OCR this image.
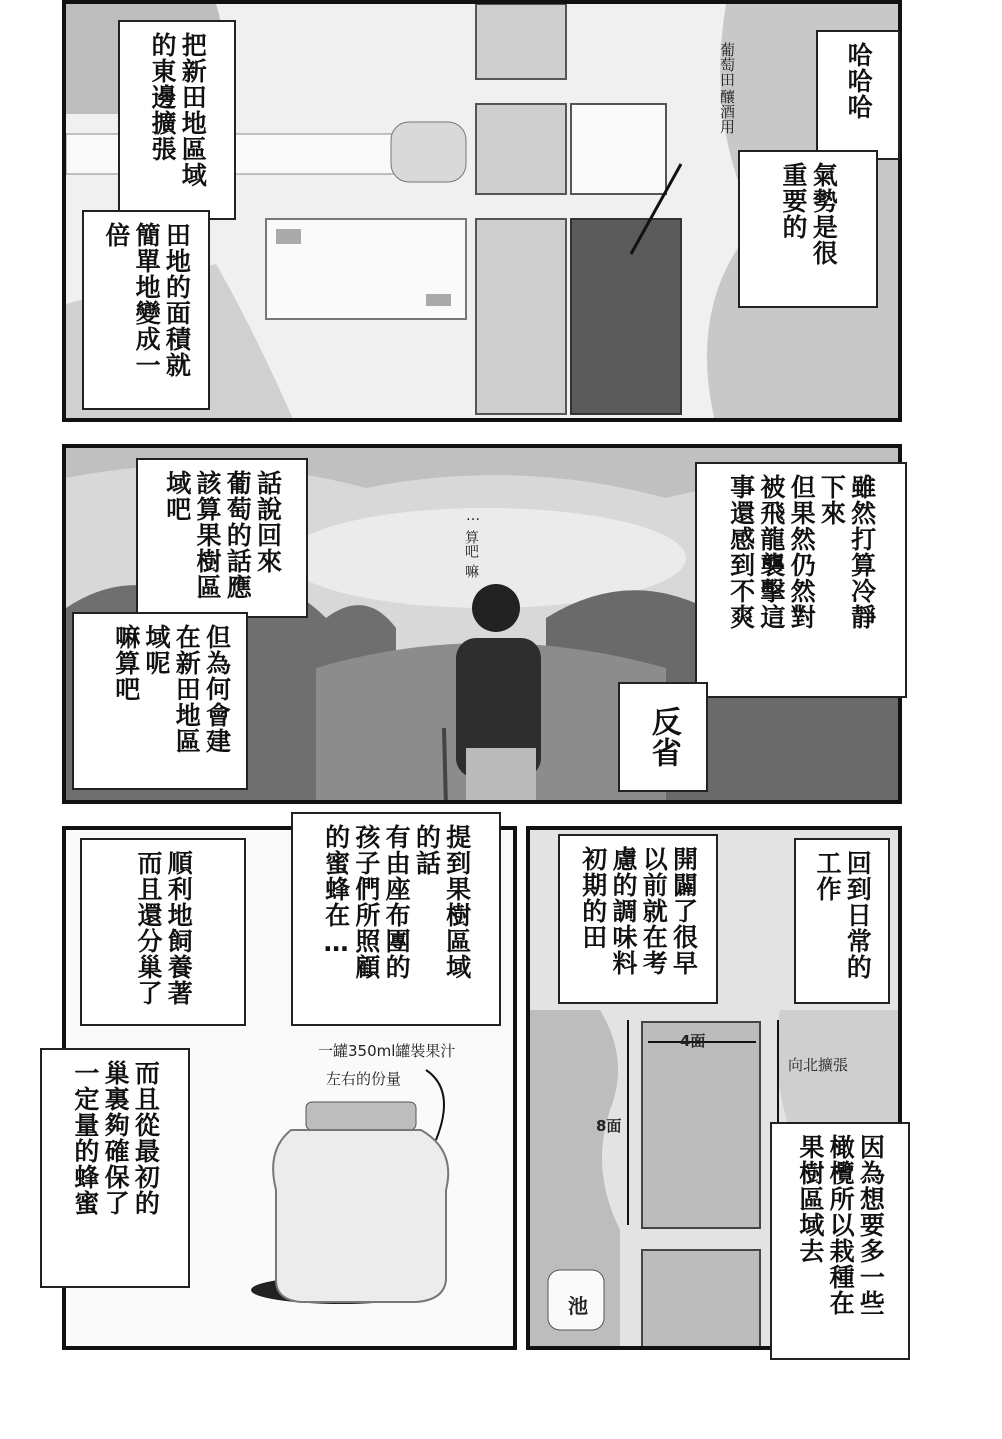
釀酒用
葡萄田
把新田地區域
的東邊擴張
田地的面積就
簡單地變成一
倍
哈哈哈
氣勢是很
重要的
嘛
算吧
…
話說回來
葡萄的話應
該算果樹區
域吧
但為何會建
在新田地區
域呢
嘛算吧
雖然打算冷靜
下來
但果然仍然對
被飛龍襲擊這
事還感到不爽
反省
一罐350ml罐裝果汁
左右的份量
順利地飼養著
而且還分巢了	提到果樹區域
的話
有由座布團的
孩子們所照顧
的蜜蜂在…
而且從最初的
巢裏夠確保了
一定量的蜂蜜
4面
8面
向北擴張
池
開闢了很早
以前就在考
慮的調味料
初期的田	回到日常的
工作
因為想要多一些
橄欖所以栽種在
果樹區域去
